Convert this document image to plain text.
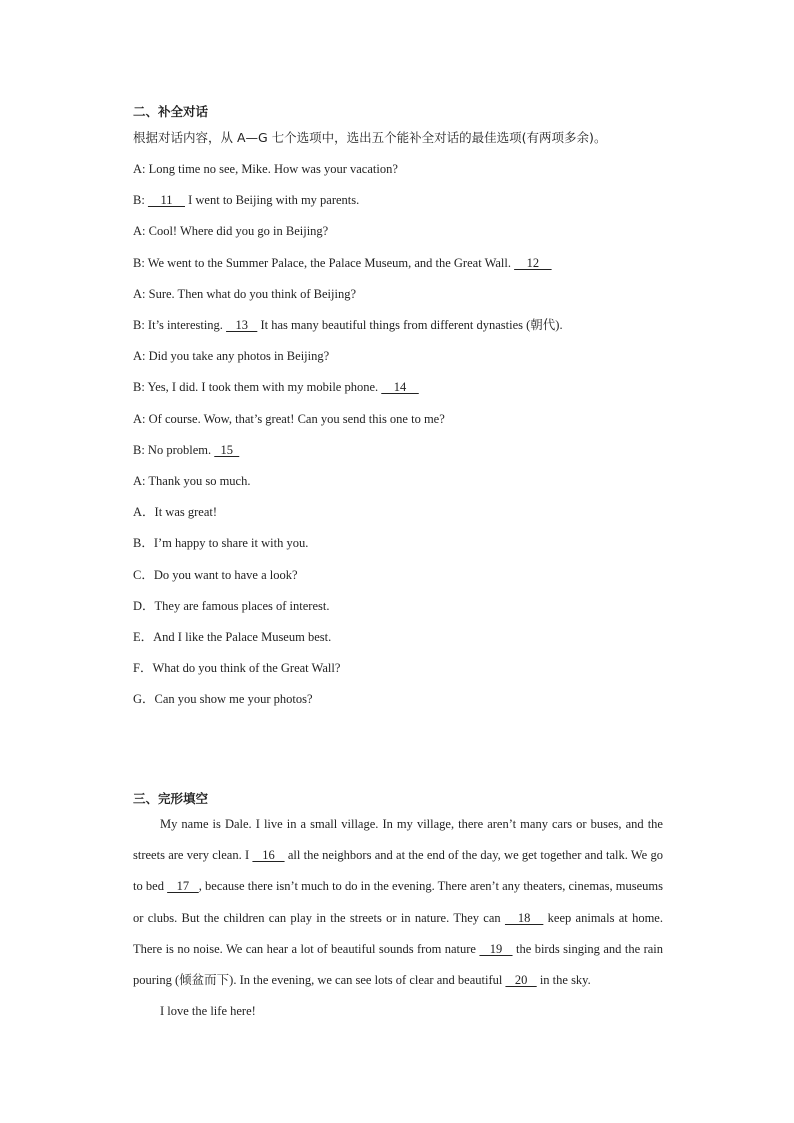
二、补全对话
根据对话内容，从 A—G 七个选项中，选出五个能补全对话的最佳选项(有两项多余)。
A: Long time no see, Mike. How was your vacation?
B:     11     I went to Beijing with my parents.
A: Cool! Where did you go in Beijing?
B: We went to the Summer Palace, the Palace Museum, and the Great Wall.     12
A: Sure. Then what do you think of Beijing?
B: It’s interesting.    13    It has many beautiful things from different dynasties (朝代).
A: Did you take any photos in Beijing?
B: Yes, I did. I took them with my mobile phone.     14
A: Of course. Wow, that’s great! Can you send this one to me?
B: No problem.   15
A: Thank you so much.
A．It was great!
B．I’m happy to share it with you.
C．Do you want to have a look?
D．They are famous places of interest.
E．And I like the Palace Museum best.
F．What do you think of the Great Wall?
G．Can you show me your photos?
三、完形填空

My name is Dale. I live in a small village. In my village, there aren’t many cars or buses, and the streets are very clean. I    16    all the neighbors and at the end of the day, we get together and talk. We go to bed    17   , because there isn’t much to do in the evening. There aren’t any theaters, cinemas, museums or clubs. But the children can play in the streets or in nature. They can    18    keep animals at home. There is no noise. We can hear a lot of beautiful sounds from nature    19    the birds singing and the rain pouring (倾盆而下). In the evening, we can see lots of clear and beautiful    20    in the sky.

I love the life here!
